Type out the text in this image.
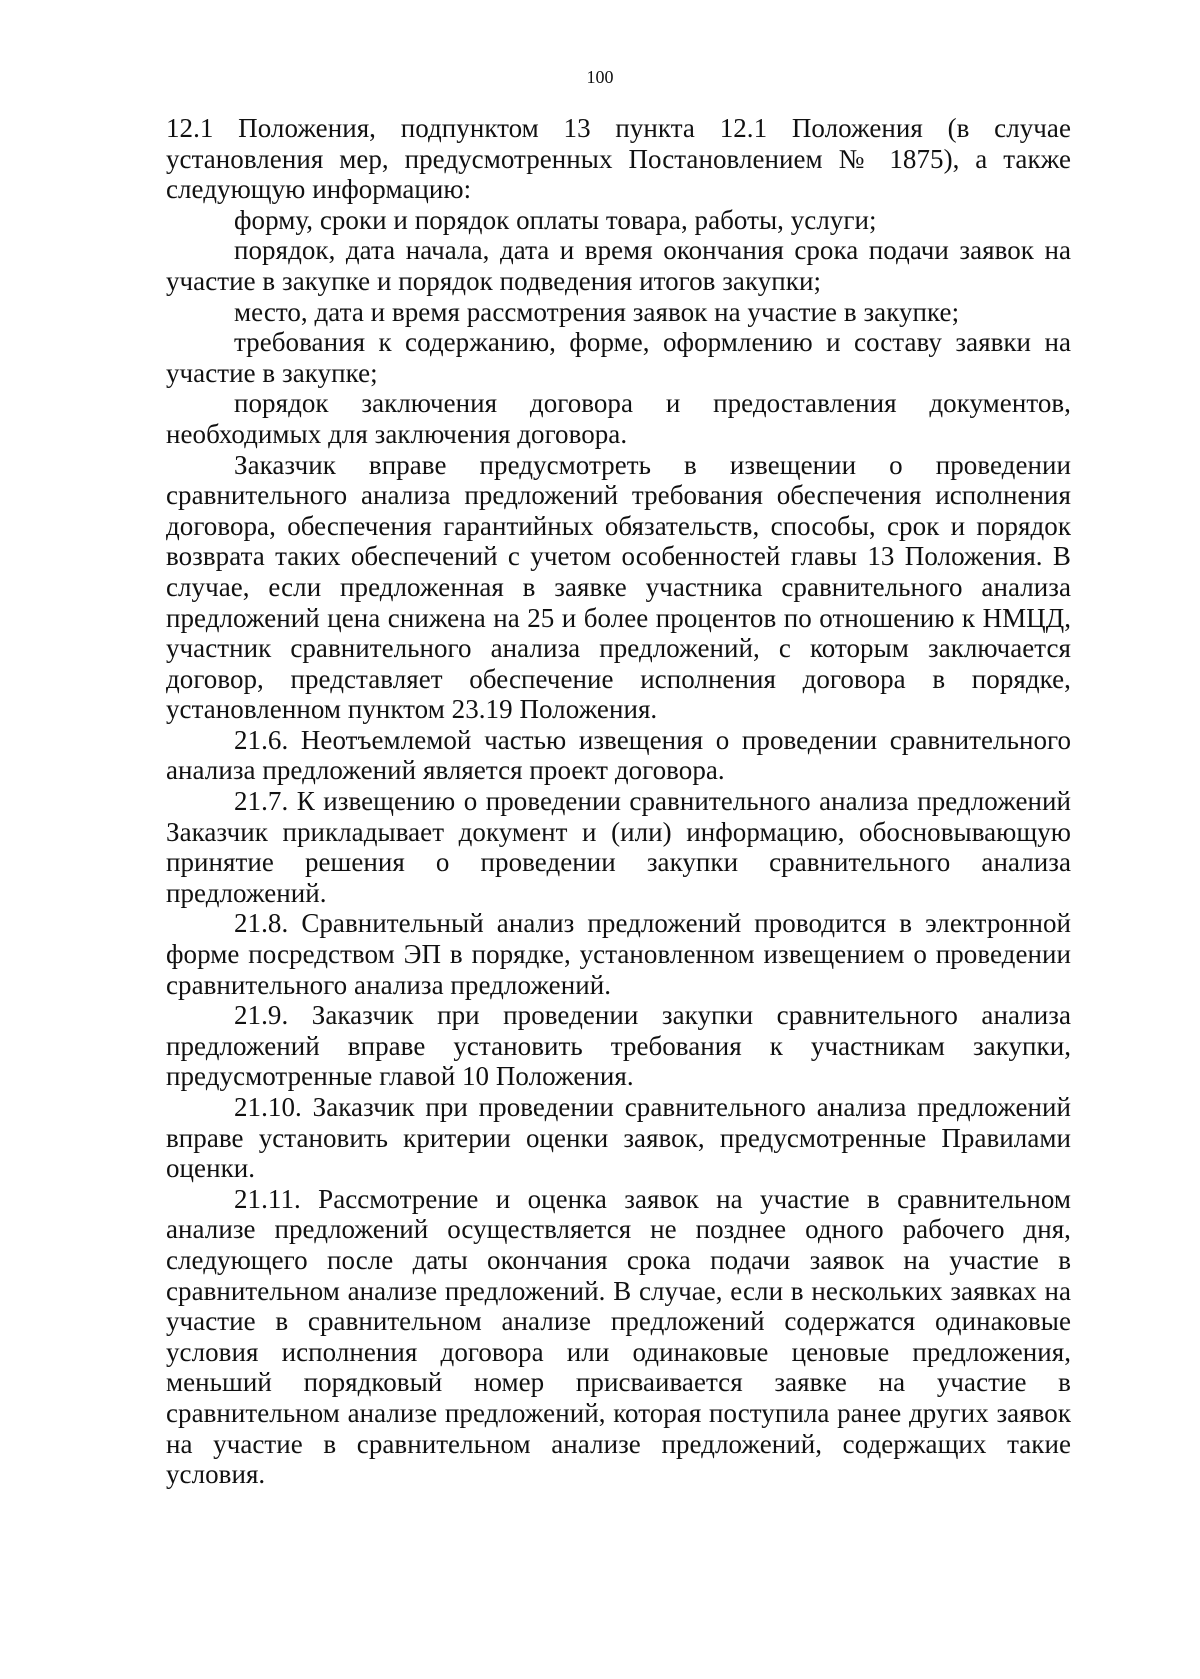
100

12.1 Положения, подпунктом 13 пункта 12.1 Положения (в случае установления мер, предусмотренных Постановлением № 1875), а также следующую информацию:

форму, сроки и порядок оплаты товара, работы, услуги;

порядок, дата начала, дата и время окончания срока подачи заявок на участие в закупке и порядок подведения итогов закупки;

место, дата и время рассмотрения заявок на участие в закупке;

требования к содержанию, форме, оформлению и составу заявки на участие в закупке;

порядок заключения договора и предоставления документов, необходимых для заключения договора.

Заказчик вправе предусмотреть в извещении о проведении сравнительного анализа предложений требования обеспечения исполнения договора, обеспечения гарантийных обязательств, способы, срок и порядок возврата таких обеспечений с учетом особенностей главы 13 Положения. В случае, если предложенная в заявке участника сравнительного анализа предложений цена снижена на 25 и более процентов по отношению к НМЦД, участник сравнительного анализа предложений, с которым заключается договор, представляет обеспечение исполнения договора в порядке, установленном пунктом 23.19 Положения.

21.6. Неотъемлемой частью извещения о проведении сравнительного анализа предложений является проект договора.

21.7. К извещению о проведении сравнительного анализа предложений Заказчик прикладывает документ и (или) информацию, обосновывающую принятие решения о проведении закупки сравнительного анализа предложений.

21.8. Сравнительный анализ предложений проводится в электронной форме посредством ЭП в порядке, установленном извещением о проведении сравнительного анализа предложений.

21.9. Заказчик при проведении закупки сравнительного анализа предложений вправе установить требования к участникам закупки, предусмотренные главой 10 Положения.

21.10. Заказчик при проведении сравнительного анализа предложений вправе установить критерии оценки заявок, предусмотренные Правилами оценки.

21.11. Рассмотрение и оценка заявок на участие в сравнительном анализе предложений осуществляется не позднее одного рабочего дня, следующего после даты окончания срока подачи заявок на участие в сравнительном анализе предложений. В случае, если в нескольких заявках на участие в сравнительном анализе предложений содержатся одинаковые условия исполнения договора или одинаковые ценовые предложения, меньший порядковый номер присваивается заявке на участие в сравнительном анализе предложений, которая поступила ранее других заявок на участие в сравнительном анализе предложений, содержащих такие условия.
